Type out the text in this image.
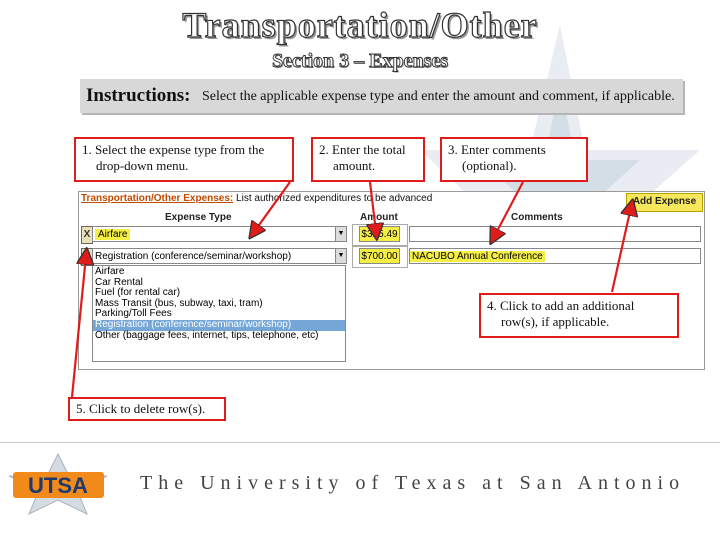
Transportation/Other
Section 3 – Expenses
Instructions: Select the applicable expense type and enter the amount and comment, if applicable.
1. Select the expense type from the
drop-down menu.
2. Enter the total
amount.
3. Enter comments
(optional).
4. Click to add an additional
row(s), if applicable.
5. Click to delete row(s).
Transportation/Other Expenses: List authorized expenditures to be advanced	Add Expense
Expense Type	Amount	Comments
X Airfare	▼ $315.49
X Registration (conference/seminar/workshop)	▼ $700.00	NACUBO Annual Conference
Airfare
Car Rental
Fuel (for rental car)
Mass Transit (bus, subway, taxi, tram)
Parking/Toll Fees
Registration (conference/seminar/workshop)
Other (baggage fees, internet, tips, telephone, etc)
UTSA	The University of Texas at San Antonio
